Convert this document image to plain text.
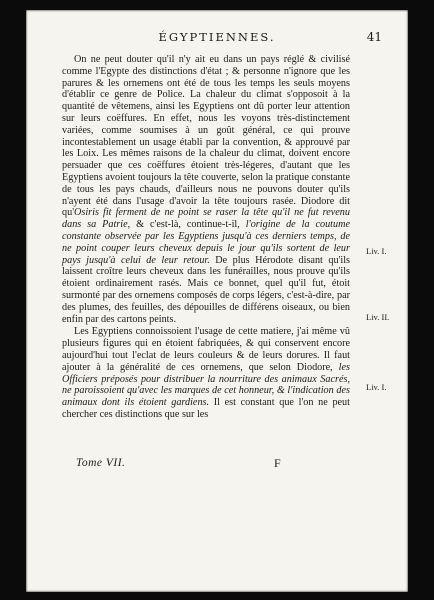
ÉGYPTIENNES.	41

On ne peut douter qu'il n'y ait eu dans un pays réglé & civilisé comme l'Egypte des distinctions d'état ; & personne n'ignore que les parures & les ornemens ont été de tous les temps les seuls moyens d'établir ce genre de Police. La chaleur du climat s'opposoit à la quantité de vêtemens, ainsi les Egyptiens ont dû porter leur attention sur leurs coëffures. En effet, nous les voyons très-distinctement variées, comme soumises à un goût général, ce qui prouve incontestablement un usage établi par la convention, & approuvé par les Loix. Les mêmes raisons de la chaleur du climat, doivent encore persuader que ces coëffures étoient très-légeres, d'autant que les Egyptiens avoient toujours la tête couverte, selon la pratique constante de tous les pays chauds, d'ailleurs nous ne pouvons douter qu'ils n'ayent été dans l'usage d'avoir la tête toujours rasée. Diodore dit qu'Osiris fit ferment de ne point se raser la tête qu'il ne fut revenu dans sa Patrie, & c'est-là, continue-t-il, l'origine de la coutume constante observée par les Egyptiens jusqu'à ces derniers temps, de ne point couper leurs cheveux depuis le jour qu'ils sortent de leur pays jusqu'à celui de leur retour. De plus Hérodote disant qu'ils laissent croître leurs cheveux dans les funérailles, nous prouve qu'ils étoient ordinairement rasés. Mais ce bonnet, quel qu'il fut, étoit surmonté par des ornemens composés de corps légers, c'est-à-dire, par des plumes, des feuilles, des dépouilles de différens oiseaux, ou bien enfin par des cartons peints.

Les Egyptiens connoissoient l'usage de cette matiere, j'ai même vû plusieurs figures qui en étoient fabriquées, & qui conservent encore aujourd'hui tout l'eclat de leurs couleurs & de leurs dorures. Il faut ajouter à la généralité de ces ornemens, que selon Diodore, les Officiers préposés pour distribuer la nourriture des animaux Sacrés, ne paroissoient qu'avec les marques de cet honneur, & l'indication des animaux dont ils étoient gardiens. Il est constant que l'on ne peut chercher ces distinctions que sur les

Liv. I.
Liv. II.
Liv. I.
Tome VII.	F
